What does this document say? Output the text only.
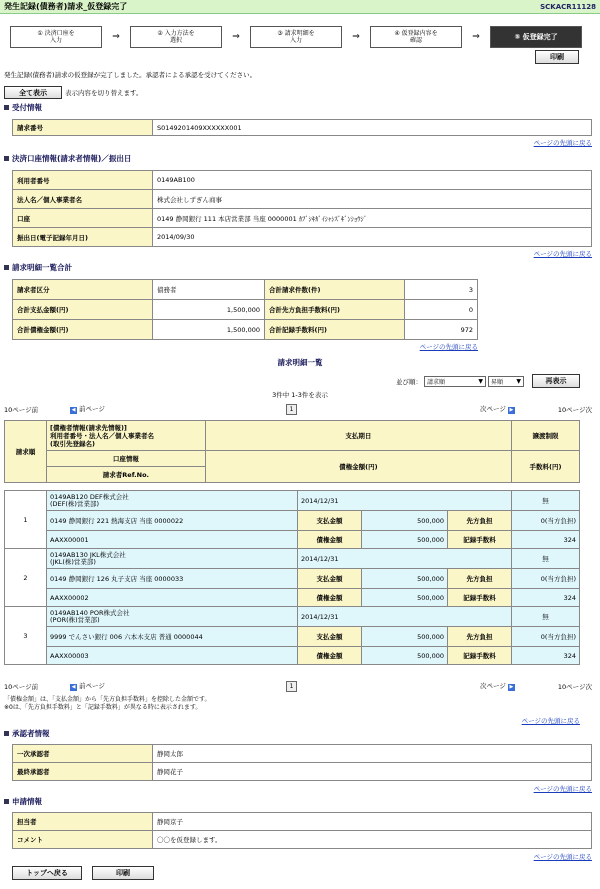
発生記録(債務者)請求_仮登録完了	SCKACR11128
① 決済口座を
入力	⇒	② 入力方法を
選択	⇒	③ 請求明細を
入力	⇒	④ 仮登録内容を
確認	⇒	⑤ 仮登録完了
印刷
発生記録(債務者)請求の仮登録が完了しました。承認者による承認を受けてください。
全て表示	表示内容を切り替えます。
受付情報
請求番号	S0149201409XXXXXX001
ページの先頭に戻る
決済口座情報(請求者情報)／振出日
利用者番号	0149AB100
法人名／個人事業者名	株式会社しずぎん商事
口座	0149 静岡銀行 111 本店営業部 当座 0000001 ｶﾌﾞｼｷｶﾞｲｼｬｼｽﾞｷﾞﾝｼｮｳｼﾞ
振出日(電子記録年月日)	2014/09/30
ページの先頭に戻る
請求明細一覧合計
請求者区分	債務者	合計請求件数(件)	3
合計支払金額(円)	1,500,000	合計先方負担手数料(円)	0
合計債権金額(円)	1,500,000	合計記録手数料(円)	972
ページの先頭に戻る
請求明細一覧
並び順： 請求順	▼ 昇順 ▼	再表示
3件中 1-3件を表示
10ページ前	◀ 前ページ	1	次ページ ▶	10ページ次
請求順	[債権者情報(請求先情報)]
利用者番号・法人名／個人事業者名
(取引先登録名)	支払期日	譲渡制限
	口座情報	債権金額(円)	手数料(円)
	請求者Ref.No.		
1	0149AB120 DEF株式会社
(DEF(株)営業部)	2014/12/31			無
	0149 静岡銀行 221 熱海支店 当座 0000022	支払金額	500,000	先方負担	0(当方負担)
	AAXX00001	債権金額	500,000	記録手数料	324
2	0149AB130 JKL株式会社
(JKL(株)営業部)	2014/12/31			無
	0149 静岡銀行 126 丸子支店 当座 0000033	支払金額	500,000	先方負担	0(当方負担)
	AAXX00002	債権金額	500,000	記録手数料	324
3	0149AB140 POR株式会社
(POR(株)営業部)	2014/12/31			無
	9999 でんさい銀行 006 六本木支店 普通 0000044	支払金額	500,000	先方負担	0(当方負担)
	AAXX00003	債権金額	500,000	記録手数料	324
10ページ前	◀ 前ページ	1	次ページ ▶	10ページ次
「債権金額」は、「支払金額」から「先方負担手数料」を控除した金額です。
※0は、「先方負担手数料」と「記録手数料」が異なる時に表示されます。
ページの先頭に戻る
承認者情報
一次承認者	静岡太郎
最終承認者	静岡花子
ページの先頭に戻る
申請情報
担当者	静岡京子
コメント	〇〇を仮登録します。
ページの先頭に戻る
トップへ戻る	印刷
